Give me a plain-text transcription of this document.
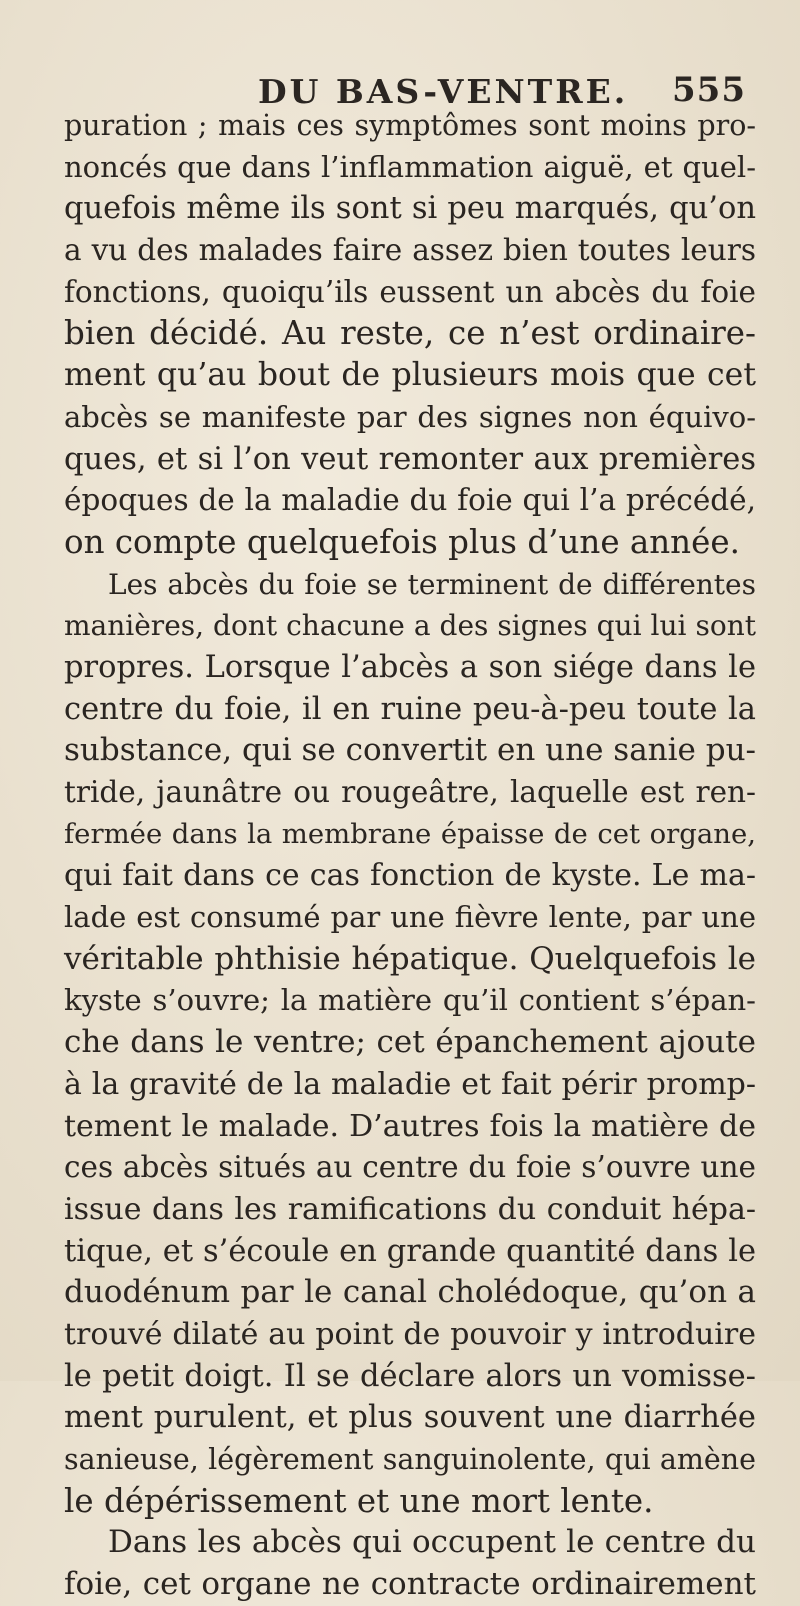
DU BAS-VENTRE. 555
puration ; mais ces symptômes sont moins pro-
noncés que dans l’inflammation aiguë, et quel-
quefois même ils sont si peu marqués, qu’on
a vu des malades faire assez bien toutes leurs
fonctions, quoiqu’ils eussent un abcès du foie
bien décidé. Au reste, ce n’est ordinaire-
ment qu’au bout de plusieurs mois que cet
abcès se manifeste par des signes non équivo-
ques, et si l’on veut remonter aux premières
époques de la maladie du foie qui l’a précédé,
on compte quelquefois plus d’une année.
Les abcès du foie se terminent de différentes
manières, dont chacune a des signes qui lui sont
propres. Lorsque l’abcès a son siége dans le
centre du foie, il en ruine peu-à-peu toute la
substance, qui se convertit en une sanie pu-
tride, jaunâtre ou rougeâtre, laquelle est ren-
fermée dans la membrane épaisse de cet organe,
qui fait dans ce cas fonction de kyste. Le ma-
lade est consumé par une fièvre lente, par une
véritable phthisie hépatique. Quelquefois le
kyste s’ouvre; la matière qu’il contient s’épan-
che dans le ventre; cet épanchement ajoute
à la gravité de la maladie et fait périr promp-
tement le malade. D’autres fois la matière de
ces abcès situés au centre du foie s’ouvre une
issue dans les ramifications du conduit hépa-
tique, et s’écoule en grande quantité dans le
duodénum par le canal cholédoque, qu’on a
trouvé dilaté au point de pouvoir y introduire
le petit doigt. Il se déclare alors un vomisse-
ment purulent, et plus souvent une diarrhée
sanieuse, légèrement sanguinolente, qui amène
le dépérissement et une mort lente.
Dans les abcès qui occupent le centre du
foie, cet organe ne contracte ordinairement
